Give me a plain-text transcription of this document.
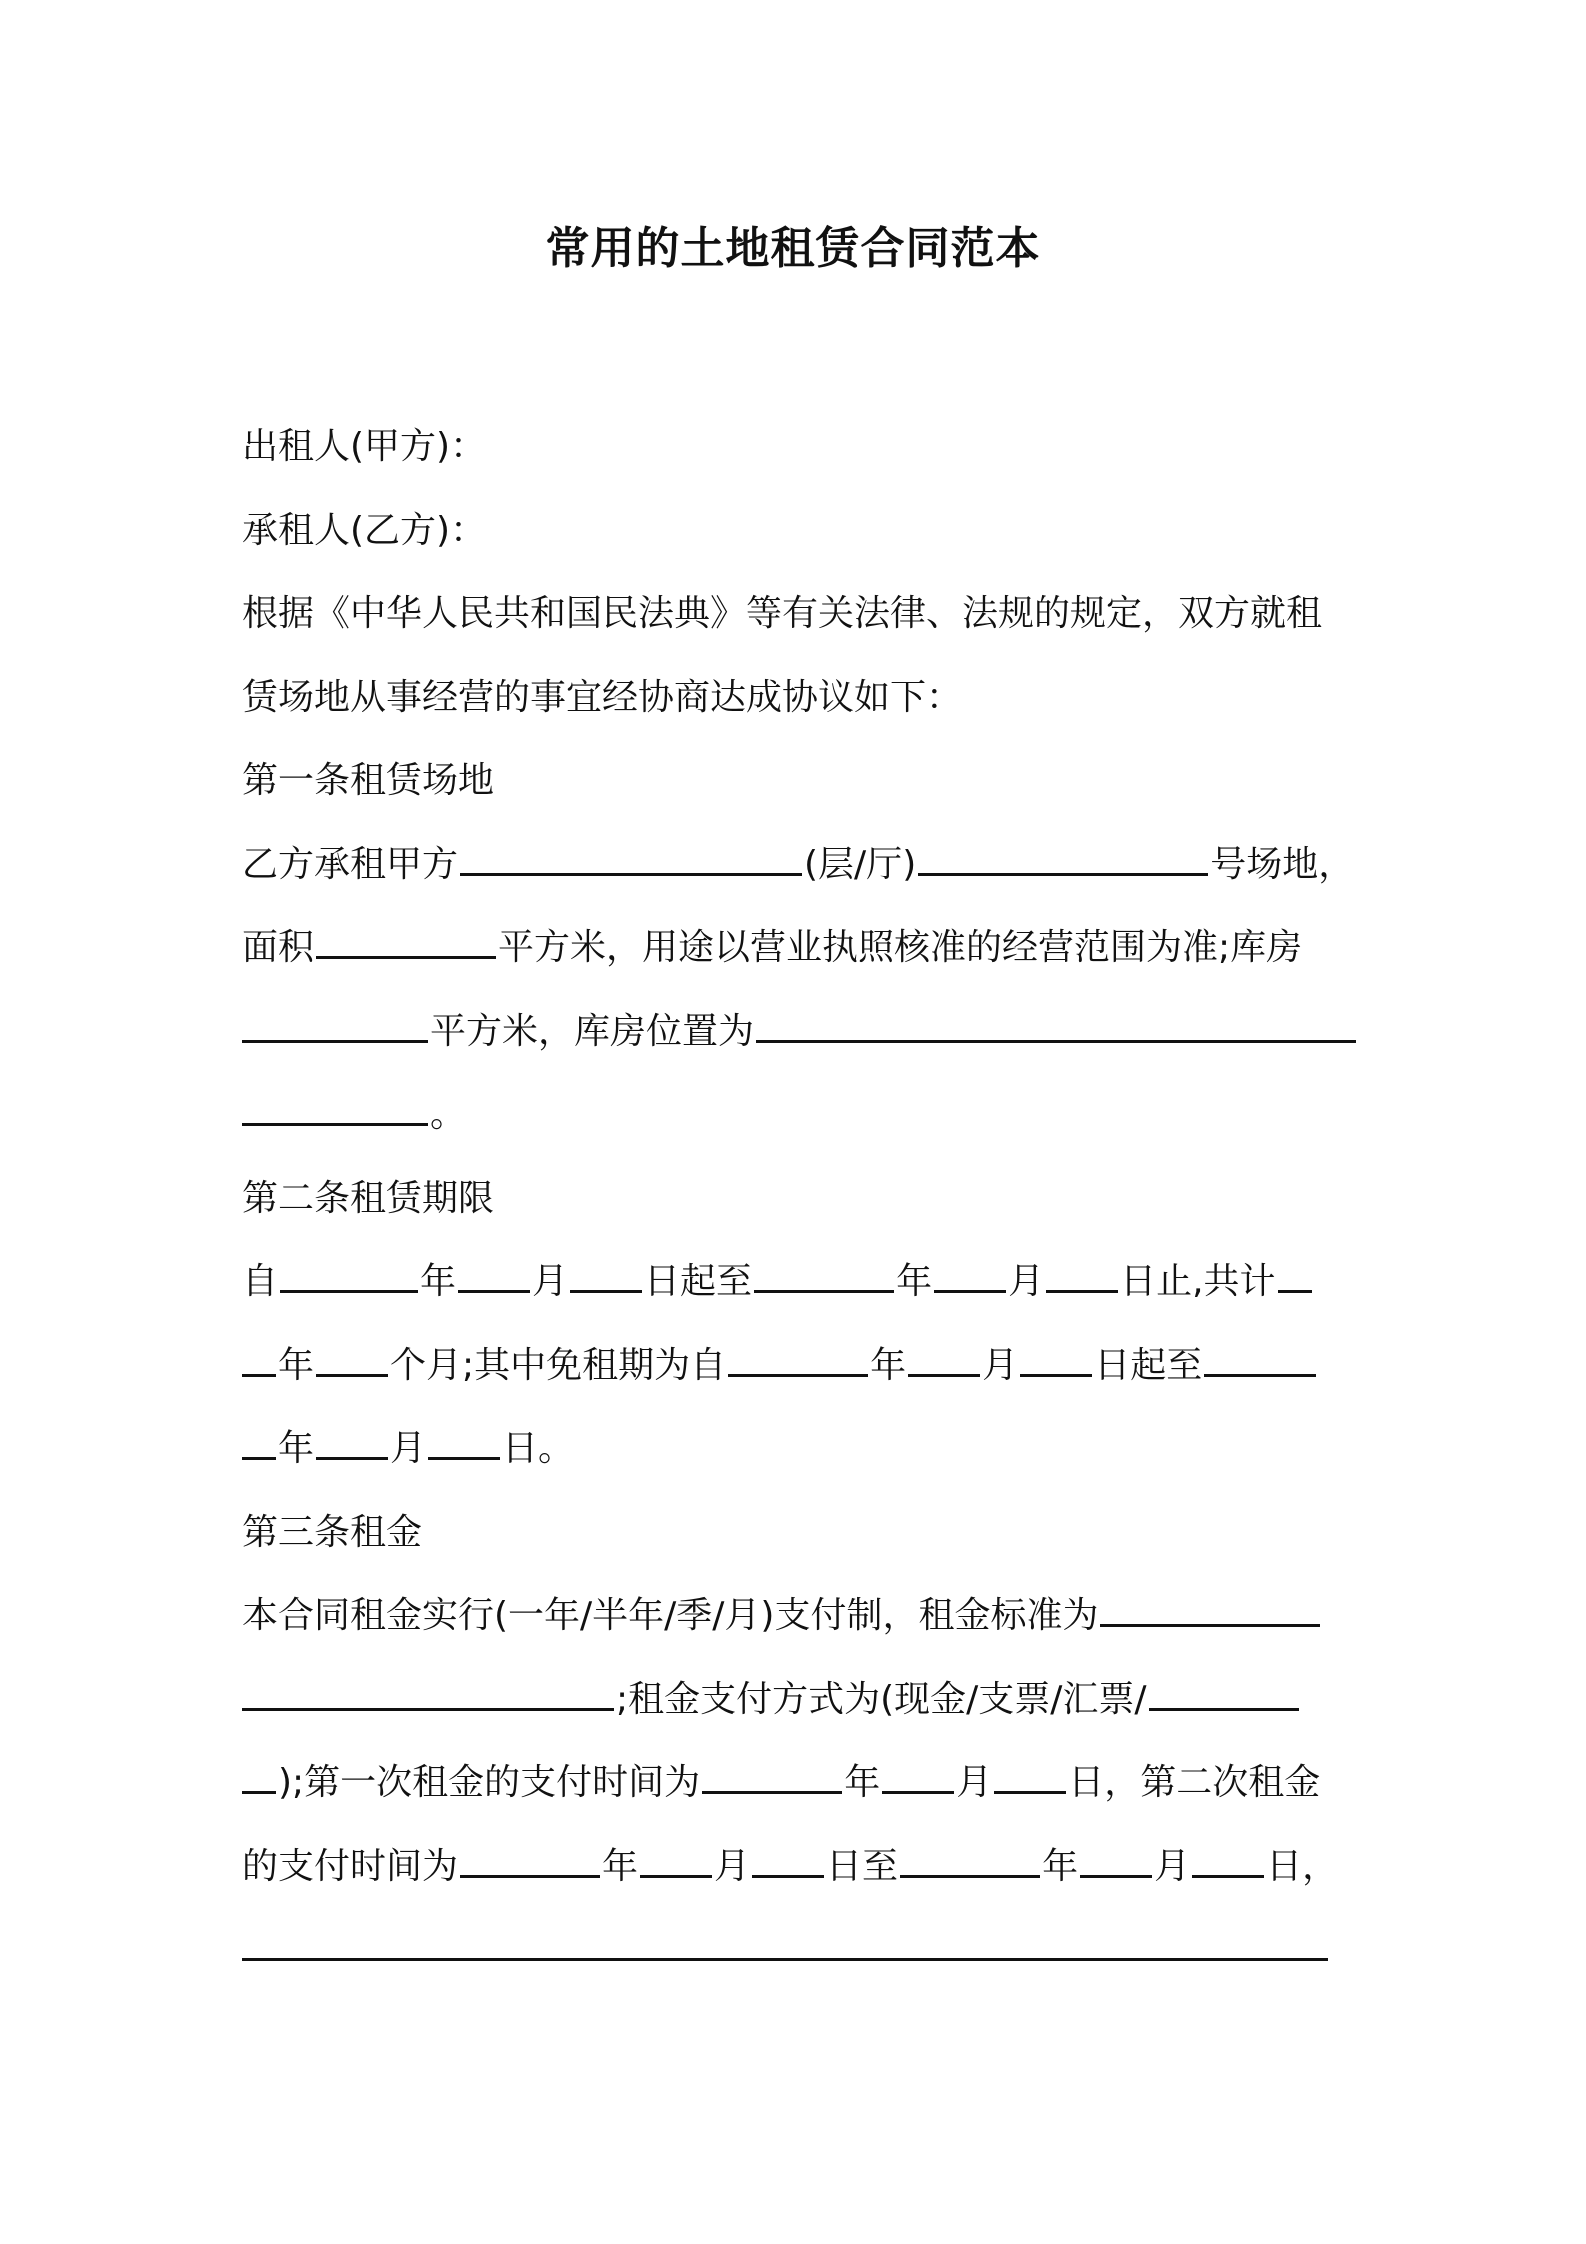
常用的土地租赁合同范本
出租人(甲方)：
承租人(乙方)：
根据《中华人民共和国民法典》等有关法律、法规的规定，双方就租
赁场地从事经营的事宜经协商达成协议如下：
第一条租赁场地
乙方承租甲方	(层/厅)	号场地，
面积	平方米，用途以营业执照核准的经营范围为准;库房
平方米，库房位置为
。
第二条租赁期限
自	年 月 日起至	年 月 日止,共计
年 个月;其中免租期为自	年 月 日起至
年 月 日。
第三条租金
本合同租金实行(一年/半年/季/月)支付制，租金标准为
;租金支付方式为(现金/支票/汇票/
);第一次租金的支付时间为	年 月 日，第二次租金
的支付时间为	年 月 日至	年 月 日，
